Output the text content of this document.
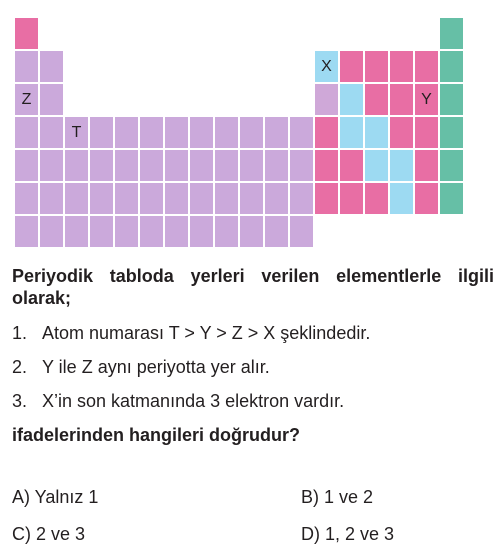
X
Z	Y
T
Periyodik tabloda yerleri verilen elementlerle ilgili olarak;
1. Atom numarası T > Y > Z > X şeklindedir.
2. Y ile Z aynı periyotta yer alır.
3. X’in son katmanında 3 elektron vardır.
ifadelerinden hangileri doğrudur?
A) Yalnız 1	B) 1 ve 2
C) 2 ve 3	D) 1, 2 ve 3
